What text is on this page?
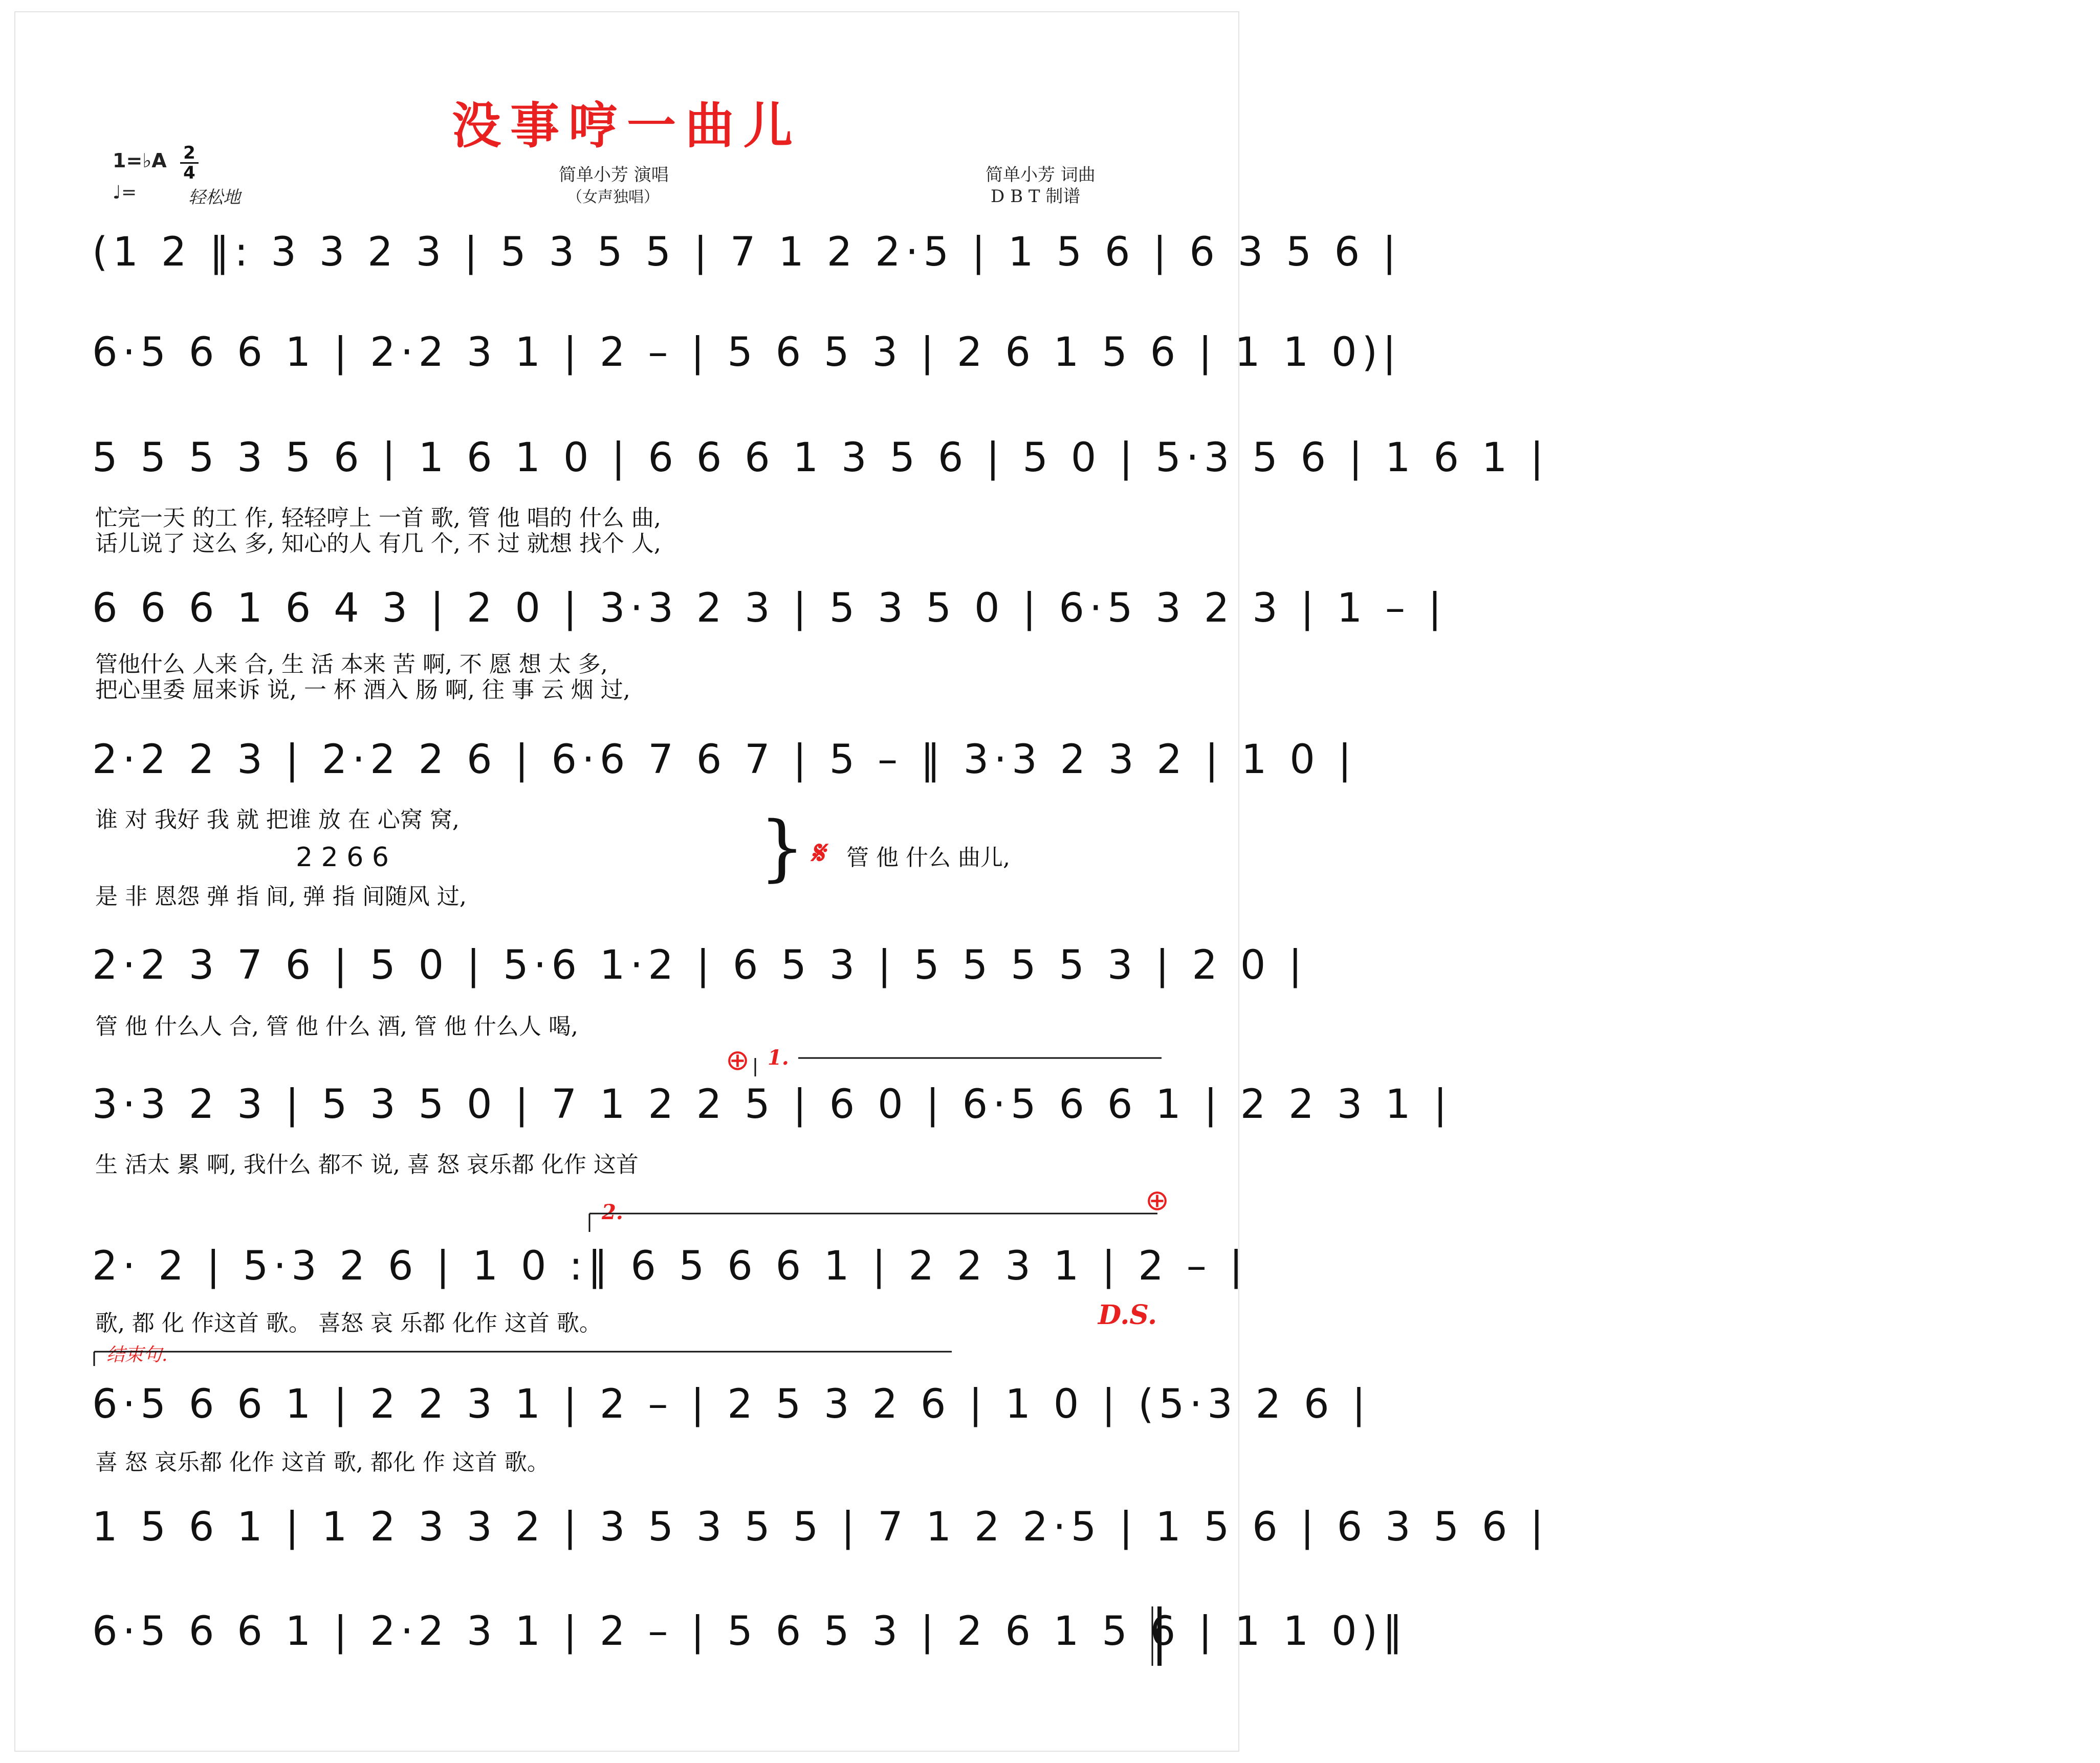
没事哼一曲儿
1=♭A 2
4
♩=	轻松地
简单小芳 演唱
（女声独唱）
简单小芳 词曲
D B T 制谱
(1 2 ‖: 3 3 2 3 | 5 3 5 5 | 7 1 2 2·5 | 1 5 6 | 6 3 5 6 |
6·5 6 6 1 | 2·2 3 1 | 2 – | 5 6 5 3 | 2 6 1 5 6 | 1 1 0)|
5 5 5 3 5 6 | 1 6 1 0 | 6 6 6 1 3 5 6 | 5 0 | 5·3 5 6 | 1 6 1 |
忙完一天 的工 作, 轻轻哼上 一首 歌, 管 他 唱的 什么 曲,
话儿说了 这么 多, 知心的人 有几 个, 不 过 就想 找个 人,
6 6 6 1 6 4 3 | 2 0 | 3·3 2 3 | 5 3 5 0 | 6·5 3 2 3 | 1 – |
管他什么 人来 合, 生 活 本来 苦 啊, 不 愿 想 太 多,
把心里委 屈来诉 说, 一 杯 酒入 肠 啊, 往 事 云 烟 过,
2·2 2 3 | 2·2 2 6 | 6·6 7 6 7 | 5 – ‖ 3·3 2 3 2 | 1 0 |
谁 对 我好 我 就 把谁 放 在 心窝 窝,
2 2 6 6
是 非 恩怨 弹 指 间, 弹 指 间随风 过,
} 𝄋 管 他 什么 曲儿,
2·2 3 7 6 | 5 0 | 5·6 1·2 | 6 5 3 | 5 5 5 5 3 | 2 0 |
管 他 什么人 合, 管 他 什么 酒, 管 他 什么人 喝,
⊕ 1.
3·3 2 3 | 5 3 5 0 | 7 1 2 2 5 | 6 0 | 6·5 6 6 1 | 2 2 3 1 |
生 活太 累 啊, 我什么 都不 说, 喜 怒 哀乐都 化作 这首
2.	⊕
2· 2 | 5·3 2 6 | 1 0 :‖ 6 5 6 6 1 | 2 2 3 1 | 2 – |
歌, 都 化 作这首 歌。 喜怒 哀 乐都 化作 这首 歌。	D.S.
结束句.
6·5 6 6 1 | 2 2 3 1 | 2 – | 2 5 3 2 6 | 1 0 | (5·3 2 6 |
喜 怒 哀乐都 化作 这首 歌, 都化 作 这首 歌。
1 5 6 1 | 1 2 3 3 2 | 3 5 3 5 5 | 7 1 2 2·5 | 1 5 6 | 6 3 5 6 |
6·5 6 6 1 | 2·2 3 1 | 2 – | 5 6 5 3 | 2 6 1 5 6 | 1 1 0)‖
